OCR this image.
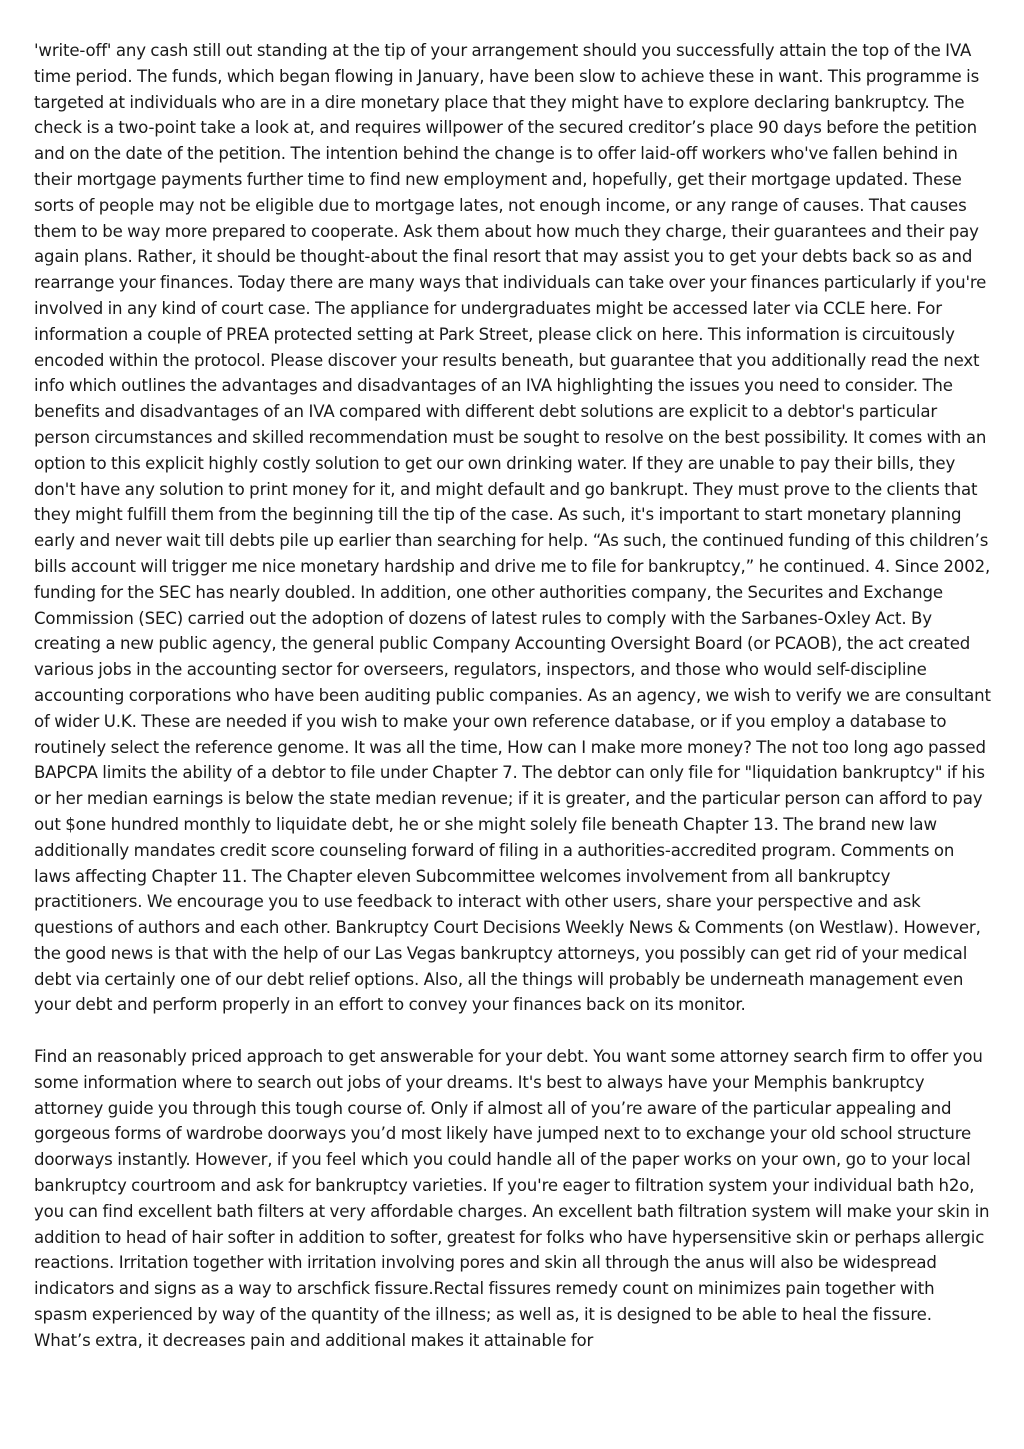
'write-off' any cash still out standing at the tip of your arrangement should you successfully attain the top of the IVA time period. The funds, which began flowing in January, have been slow to achieve these in want. This programme is targeted at individuals who are in a dire monetary place that they might have to explore declaring bankruptcy. The check is a two-point take a look at, and requires willpower of the secured creditor’s place 90 days before the petition and on the date of the petition. The intention behind the change is to offer laid-off workers who've fallen behind in their mortgage payments further time to find new employment and, hopefully, get their mortgage updated. These sorts of people may not be eligible due to mortgage lates, not enough income, or any range of causes. That causes them to be way more prepared to cooperate. Ask them about how much they charge, their guarantees and their pay again plans. Rather, it should be thought-about the final resort that may assist you to get your debts back so as and rearrange your finances. Today there are many ways that individuals can take over your finances particularly if you're involved in any kind of court case. The appliance for undergraduates might be accessed later via CCLE here. For information a couple of PREA protected setting at Park Street, please click on here. This information is circuitously encoded within the protocol. Please discover your results beneath, but guarantee that you additionally read the next info which outlines the advantages and disadvantages of an IVA highlighting the issues you need to consider. The benefits and disadvantages of an IVA compared with different debt solutions are explicit to a debtor's particular person circumstances and skilled recommendation must be sought to resolve on the best possibility. It comes with an option to this explicit highly costly solution to get our own drinking water. If they are unable to pay their bills, they don't have any solution to print money for it, and might default and go bankrupt. They must prove to the clients that they might fulfill them from the beginning till the tip of the case. As such, it's important to start monetary planning early and never wait till debts pile up earlier than searching for help. “As such, the continued funding of this children’s bills account will trigger me nice monetary hardship and drive me to file for bankruptcy,” he continued. 4. Since 2002, funding for the SEC has nearly doubled. In addition, one other authorities company, the Securites and Exchange Commission (SEC) carried out the adoption of dozens of latest rules to comply with the Sarbanes-Oxley Act. By creating a new public agency, the general public Company Accounting Oversight Board (or PCAOB), the act created various jobs in the accounting sector for overseers, regulators, inspectors, and those who would self-discipline accounting corporations who have been auditing public companies. As an agency, we wish to verify we are consultant of wider U.K. These are needed if you wish to make your own reference database, or if you employ a database to routinely select the reference genome. It was all the time, How can I make more money? The not too long ago passed BAPCPA limits the ability of a debtor to file under Chapter 7. The debtor can only file for "liquidation bankruptcy" if his or her median earnings is below the state median revenue; if it is greater, and the particular person can afford to pay out $one hundred monthly to liquidate debt, he or she might solely file beneath Chapter 13. The brand new law additionally mandates credit score counseling forward of filing in a authorities-accredited program. Comments on laws affecting Chapter 11. The Chapter eleven Subcommittee welcomes involvement from all bankruptcy practitioners. We encourage you to use feedback to interact with other users, share your perspective and ask questions of authors and each other. Bankruptcy Court Decisions Weekly News & Comments (on Westlaw). However, the good news is that with the help of our Las Vegas bankruptcy attorneys, you possibly can get rid of your medical debt via certainly one of our debt relief options. Also, all the things will probably be underneath management even your debt and perform properly in an effort to convey your finances back on its monitor.

Find an reasonably priced approach to get answerable for your debt. You want some attorney search firm to offer you some information where to search out jobs of your dreams. It's best to always have your Memphis bankruptcy attorney guide you through this tough course of. Only if almost all of you’re aware of the particular appealing and gorgeous forms of wardrobe doorways you’d most likely have jumped next to to exchange your old school structure doorways instantly. However, if you feel which you could handle all of the paper works on your own, go to your local bankruptcy courtroom and ask for bankruptcy varieties. If you're eager to filtration system your individual bath h2o, you can find excellent bath filters at very affordable charges. An excellent bath filtration system will make your skin in addition to head of hair softer in addition to softer, greatest for folks who have hypersensitive skin or perhaps allergic reactions. Irritation together with irritation involving pores and skin all through the anus will also be widespread indicators and signs as a way to arschfick fissure.Rectal fissures remedy count on minimizes pain together with spasm experienced by way of the quantity of the illness; as well as, it is designed to be able to heal the fissure. What’s extra, it decreases pain and additional makes it attainable for
